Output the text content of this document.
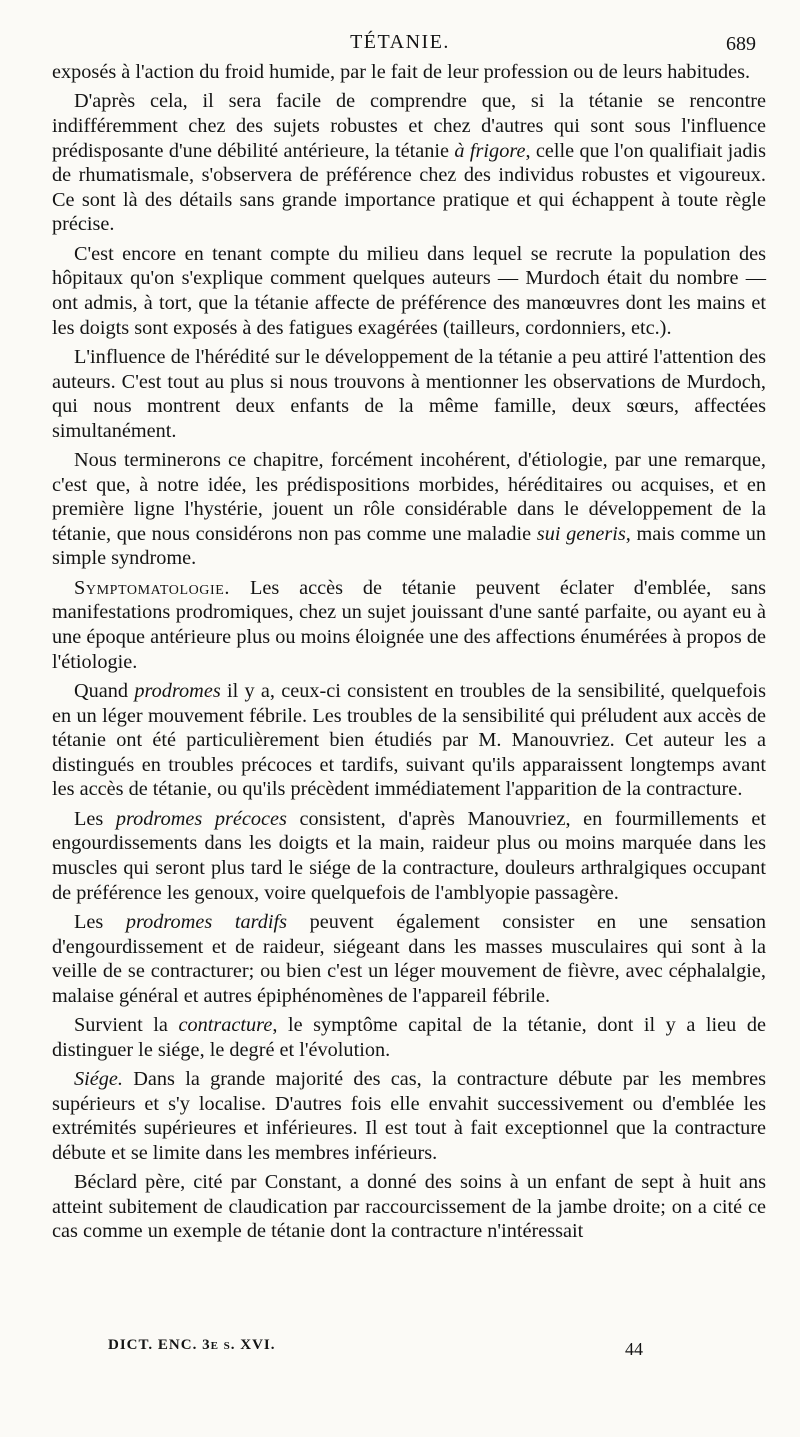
TÉTANIE.	689

exposés à l'action du froid humide, par le fait de leur profession ou de leurs habitudes.

D'après cela, il sera facile de comprendre que, si la tétanie se rencontre indifféremment chez des sujets robustes et chez d'autres qui sont sous l'influence prédisposante d'une débilité antérieure, la tétanie à frigore, celle que l'on qualifiait jadis de rhumatismale, s'observera de préférence chez des individus robustes et vigoureux. Ce sont là des détails sans grande importance pratique et qui échappent à toute règle précise.

C'est encore en tenant compte du milieu dans lequel se recrute la population des hôpitaux qu'on s'explique comment quelques auteurs — Murdoch était du nombre — ont admis, à tort, que la tétanie affecte de préférence des manœuvres dont les mains et les doigts sont exposés à des fatigues exagérées (tailleurs, cordonniers, etc.).

L'influence de l'hérédité sur le développement de la tétanie a peu attiré l'attention des auteurs. C'est tout au plus si nous trouvons à mentionner les observations de Murdoch, qui nous montrent deux enfants de la même famille, deux sœurs, affectées simultanément.

Nous terminerons ce chapitre, forcément incohérent, d'étiologie, par une remarque, c'est que, à notre idée, les prédispositions morbides, héréditaires ou acquises, et en première ligne l'hystérie, jouent un rôle considérable dans le développement de la tétanie, que nous considérons non pas comme une maladie sui generis, mais comme un simple syndrome.

Symptomatologie. Les accès de tétanie peuvent éclater d'emblée, sans manifestations prodromiques, chez un sujet jouissant d'une santé parfaite, ou ayant eu à une époque antérieure plus ou moins éloignée une des affections énumérées à propos de l'étiologie.

Quand prodromes il y a, ceux-ci consistent en troubles de la sensibilité, quelquefois en un léger mouvement fébrile. Les troubles de la sensibilité qui préludent aux accès de tétanie ont été particulièrement bien étudiés par M. Manouvriez. Cet auteur les a distingués en troubles précoces et tardifs, suivant qu'ils apparaissent longtemps avant les accès de tétanie, ou qu'ils précèdent immédiatement l'apparition de la contracture.

Les prodromes précoces consistent, d'après Manouvriez, en fourmillements et engourdissements dans les doigts et la main, raideur plus ou moins marquée dans les muscles qui seront plus tard le siége de la contracture, douleurs arthralgiques occupant de préférence les genoux, voire quelquefois de l'amblyopie passagère.

Les prodromes tardifs peuvent également consister en une sensation d'engourdissement et de raideur, siégeant dans les masses musculaires qui sont à la veille de se contracturer; ou bien c'est un léger mouvement de fièvre, avec céphalalgie, malaise général et autres épiphénomènes de l'appareil fébrile.

Survient la contracture, le symptôme capital de la tétanie, dont il y a lieu de distinguer le siége, le degré et l'évolution.

Siége. Dans la grande majorité des cas, la contracture débute par les membres supérieurs et s'y localise. D'autres fois elle envahit successivement ou d'emblée les extrémités supérieures et inférieures. Il est tout à fait exceptionnel que la contracture débute et se limite dans les membres inférieurs.

Béclard père, cité par Constant, a donné des soins à un enfant de sept à huit ans atteint subitement de claudication par raccourcissement de la jambe droite; on a cité ce cas comme un exemple de tétanie dont la contracture n'intéressait

DICT. ENC. 3e s. XVI.	44
